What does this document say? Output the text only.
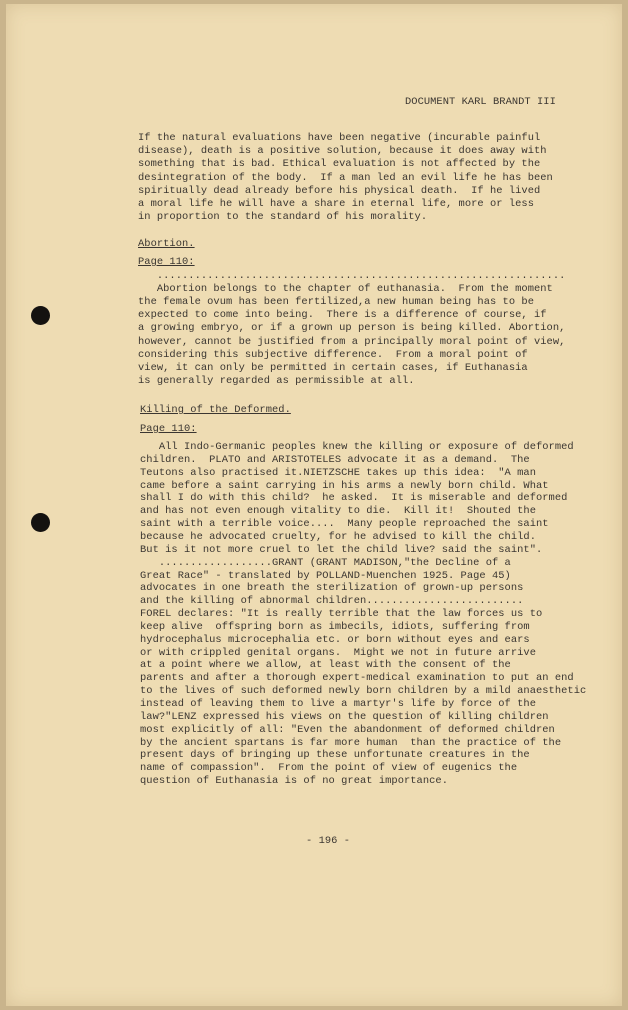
DOCUMENT KARL BRANDT III
If the natural evaluations have been negative (incurable painful
disease), death is a positive solution, because it does away with
something that is bad. Ethical evaluation is not affected by the
desintegration of the body.  If a man led an evil life he has been
spiritually dead already before his physical death.  If he lived
a moral life he will have a share in eternal life, more or less
in proportion to the standard of his morality.
Abortion.
Page 110:
.................................................................
Abortion belongs to the chapter of euthanasia.  From the moment
the female ovum has been fertilized,a new human being has to be
expected to come into being.  There is a difference of course, if
a growing embryo, or if a grown up person is being killed. Abortion,
however, cannot be justified from a principally moral point of view,
considering this subjective difference.  From a moral point of
view, it can only be permitted in certain cases, if Euthanasia
is generally regarded as permissible at all.
Killing of the Deformed.
Page 110:
All Indo-Germanic peoples knew the killing or exposure of deformed
children.  PLATO and ARISTOTELES advocate it as a demand.  The
Teutons also practised it.NIETZSCHE takes up this idea:  "A man
came before a saint carrying in his arms a newly born child. What
shall I do with this child?  he asked.  It is miserable and deformed
and has not even enough vitality to die.  Kill it!  Shouted the
saint with a terrible voice....  Many people reproached the saint
because he advocated cruelty, for he advised to kill the child.
But is it not more cruel to let the child live? said the saint".
..................GRANT (GRANT MADISON,"the Decline of a
Great Race" - translated by POLLAND-Muenchen 1925. Page 45)
advocates in one breath the sterilization of grown-up persons
and the killing of abnormal children.........................
FOREL declares: "It is really terrible that the law forces us to
keep alive  offspring born as imbecils, idiots, suffering from
hydrocephalus microcephalia etc. or born without eyes and ears
or with crippled genital organs.  Might we not in future arrive
at a point where we allow, at least with the consent of the
parents and after a thorough expert-medical examination to put an end
to the lives of such deformed newly born children by a mild anaesthetic
instead of leaving them to live a martyr's life by force of the
law?"LENZ expressed his views on the question of killing children
most explicitly of all: "Even the abandonment of deformed children
by the ancient spartans is far more human  than the practice of the
present days of bringing up these unfortunate creatures in the
name of compassion".  From the point of view of eugenics the
question of Euthanasia is of no great importance.
- 196 -
